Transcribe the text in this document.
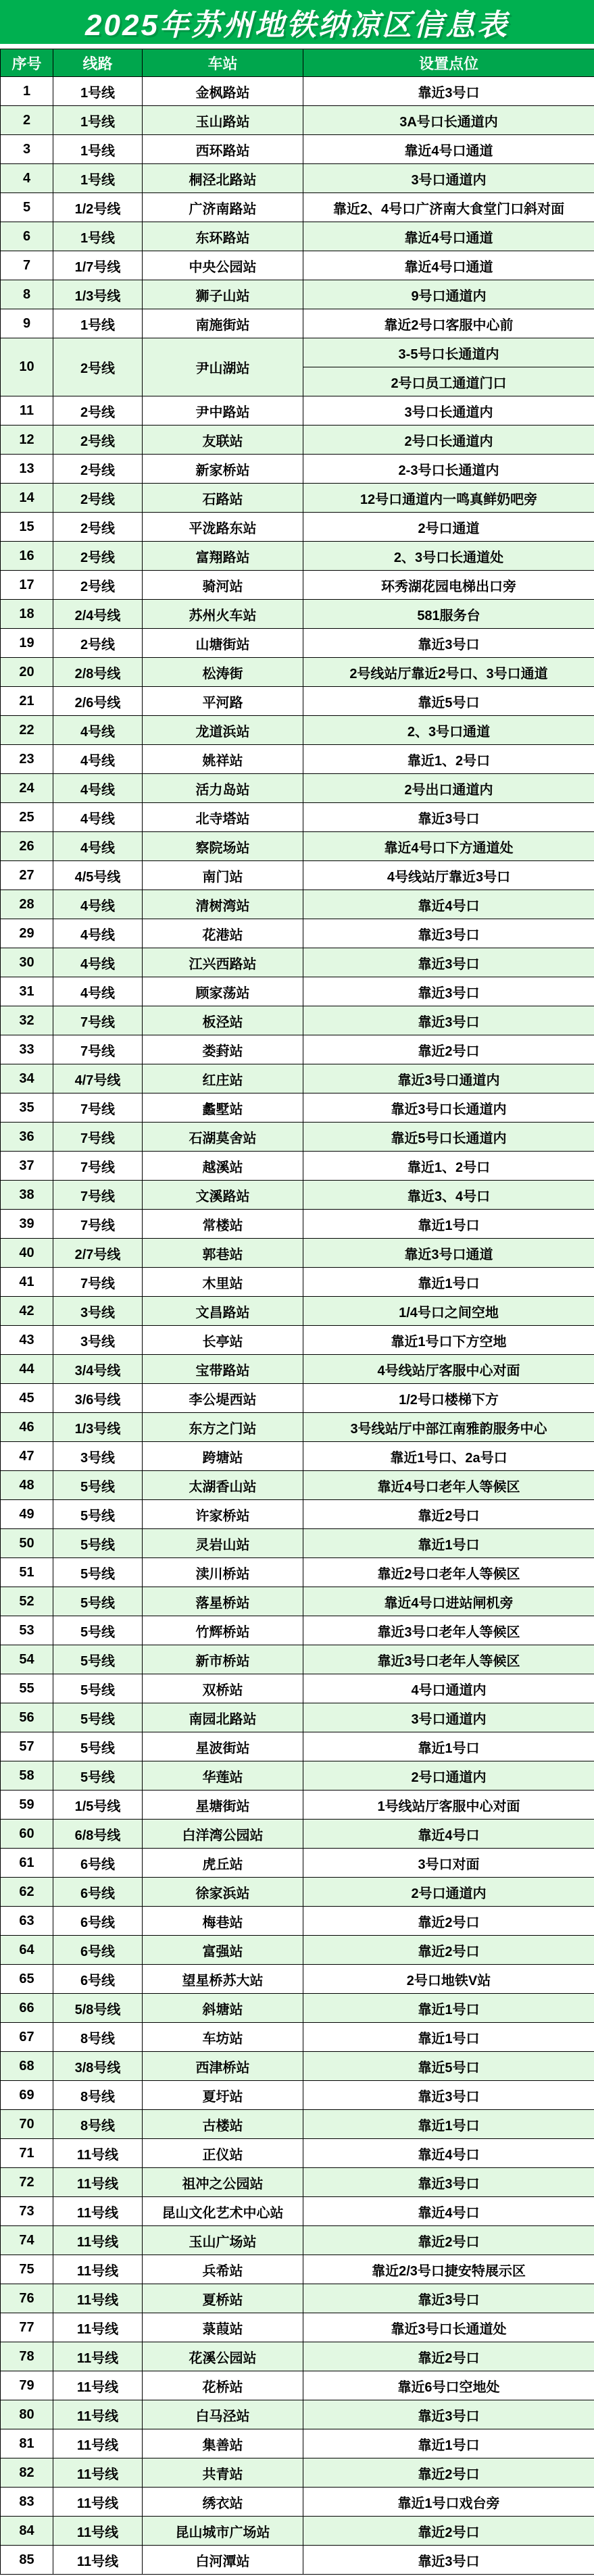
2025年苏州地铁纳凉区信息表
序号	线路	车站	设置点位
1	1号线	金枫路站	靠近3号口
2	1号线	玉山路站	3A号口长通道内
3	1号线	西环路站	靠近4号口通道
4	1号线	桐泾北路站	3号口通道内
5	1/2号线	广济南路站	靠近2、4号口广济南大食堂门口斜对面
6	1号线	东环路站	靠近4号口通道
7	1/7号线	中央公园站	靠近4号口通道
8	1/3号线	狮子山站	9号口通道内
9	1号线	南施街站	靠近2号口客服中心前
10	2号线	尹山湖站	3-5号口长通道内
			2号口员工通道门口
11	2号线	尹中路站	3号口长通道内
12	2号线	友联站	2号口长通道内
13	2号线	新家桥站	2-3号口长通道内
14	2号线	石路站	12号口通道内一鸣真鲜奶吧旁
15	2号线	平泷路东站	2号口通道
16	2号线	富翔路站	2、3号口长通道处
17	2号线	骑河站	环秀湖花园电梯出口旁
18	2/4号线	苏州火车站	581服务台
19	2号线	山塘街站	靠近3号口
20	2/8号线	松涛街	2号线站厅靠近2号口、3号口通道
21	2/6号线	平河路	靠近5号口
22	4号线	龙道浜站	2、3号口通道
23	4号线	姚祥站	靠近1、2号口
24	4号线	活力岛站	2号出口通道内
25	4号线	北寺塔站	靠近3号口
26	4号线	察院场站	靠近4号口下方通道处
27	4/5号线	南门站	4号线站厅靠近3号口
28	4号线	清树湾站	靠近4号口
29	4号线	花港站	靠近3号口
30	4号线	江兴西路站	靠近3号口
31	4号线	顾家荡站	靠近3号口
32	7号线	板泾站	靠近3号口
33	7号线	娄葑站	靠近2号口
34	4/7号线	红庄站	靠近3号口通道内
35	7号线	蠡墅站	靠近3号口长通道内
36	7号线	石湖莫舍站	靠近5号口长通道内
37	7号线	越溪站	靠近1、2号口
38	7号线	文溪路站	靠近3、4号口
39	7号线	常楼站	靠近1号口
40	2/7号线	郭巷站	靠近3号口通道
41	7号线	木里站	靠近1号口
42	3号线	文昌路站	1/4号口之间空地
43	3号线	长亭站	靠近1号口下方空地
44	3/4号线	宝带路站	4号线站厅客服中心对面
45	3/6号线	李公堤西站	1/2号口楼梯下方
46	1/3号线	东方之门站	3号线站厅中部江南雅韵服务中心
47	3号线	跨塘站	靠近1号口、2a号口
48	5号线	太湖香山站	靠近4号口老年人等候区
49	5号线	许家桥站	靠近2号口
50	5号线	灵岩山站	靠近1号口
51	5号线	渎川桥站	靠近2号口老年人等候区
52	5号线	落星桥站	靠近4号口进站闸机旁
53	5号线	竹辉桥站	靠近3号口老年人等候区
54	5号线	新市桥站	靠近3号口老年人等候区
55	5号线	双桥站	4号口通道内
56	5号线	南园北路站	3号口通道内
57	5号线	星波街站	靠近1号口
58	5号线	华莲站	2号口通道内
59	1/5号线	星塘街站	1号线站厅客服中心对面
60	6/8号线	白洋湾公园站	靠近4号口
61	6号线	虎丘站	3号口对面
62	6号线	徐家浜站	2号口通道内
63	6号线	梅巷站	靠近2号口
64	6号线	富强站	靠近2号口
65	6号线	望星桥苏大站	2号口地铁V站
66	5/8号线	斜塘站	靠近1号口
67	8号线	车坊站	靠近1号口
68	3/8号线	西津桥站	靠近5号口
69	8号线	夏圩站	靠近3号口
70	8号线	古楼站	靠近1号口
71	11号线	正仪站	靠近4号口
72	11号线	祖冲之公园站	靠近3号口
73	11号线	昆山文化艺术中心站	靠近4号口
74	11号线	玉山广场站	靠近2号口
75	11号线	兵希站	靠近2/3号口捷安特展示区
76	11号线	夏桥站	靠近3号口
77	11号线	菉葭站	靠近3号口长通道处
78	11号线	花溪公园站	靠近2号口
79	11号线	花桥站	靠近6号口空地处
80	11号线	白马泾站	靠近3号口
81	11号线	集善站	靠近1号口
82	11号线	共青站	靠近2号口
83	11号线	绣衣站	靠近1号口戏台旁
84	11号线	昆山城市广场站	靠近2号口
85	11号线	白河潭站	靠近3号口
